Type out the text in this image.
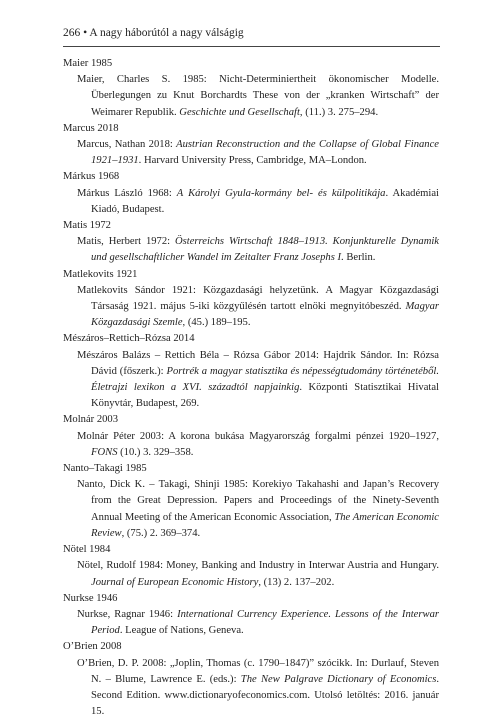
266 • A nagy háborútól a nagy válságig

Maier 1985

Maier, Charles S. 1985: Nicht-Determiniertheit ökonomischer Modelle. Überlegungen zu Knut Borchardts These von der „kranken Wirtschaft” der Weimarer Republik. Geschichte und Gesellschaft, (11.) 3. 275–294.

Marcus 2018

Marcus, Nathan 2018: Austrian Reconstruction and the Collapse of Global Finance 1921–1931. Harvard University Press, Cambridge, MA–London.

Márkus 1968

Márkus László 1968: A Károlyi Gyula-kormány bel- és külpolitikája. Akadémiai Kiadó, Budapest.

Matis 1972

Matis, Herbert 1972: Österreichs Wirtschaft 1848–1913. Konjunkturelle Dynamik und gesellschaftlicher Wandel im Zeitalter Franz Josephs I. Berlin.

Matlekovits 1921

Matlekovits Sándor 1921: Közgazdasági helyzetünk. A Magyar Közgazdasági Társaság 1921. május 5-iki közgyűlésén tartott elnöki megnyitóbeszéd. Magyar Közgazdasági Szemle, (45.) 189–195.

Mészáros–Rettich–Rózsa 2014

Mészáros Balázs – Rettich Béla – Rózsa Gábor 2014: Hajdrik Sándor. In: Rózsa Dávid (főszerk.): Portrék a magyar statisztika és népességtudomány történetéből. Életrajzi lexikon a XVI. századtól napjainkig. Központi Statisztikai Hivatal Könyvtár, Budapest, 269.

Molnár 2003

Molnár Péter 2003: A korona bukása Magyarország forgalmi pénzei 1920–1927, FONS (10.) 3. 329–358.

Nanto–Takagi 1985

Nanto, Dick K. – Takagi, Shinji 1985: Korekiyo Takahashi and Japan’s Recovery from the Great Depression. Papers and Proceedings of the Ninety-Seventh Annual Meeting of the American Economic Association, The American Economic Review, (75.) 2. 369–374.

Nötel 1984

Nötel, Rudolf 1984: Money, Banking and Industry in Interwar Austria and Hungary. Journal of European Economic History, (13) 2. 137–202.

Nurkse 1946

Nurkse, Ragnar 1946: International Currency Experience. Lessons of the Interwar Period. League of Nations, Geneva.

O’Brien 2008

O’Brien, D. P. 2008: „Joplin, Thomas (c. 1790–1847)” szócikk. In: Durlauf, Steven N. – Blume, Lawrence E. (eds.): The New Palgrave Dictionary of Economics. Second Edition. www.dictionaryofeconomics.com. Utolsó letöltés: 2016. január 15.
